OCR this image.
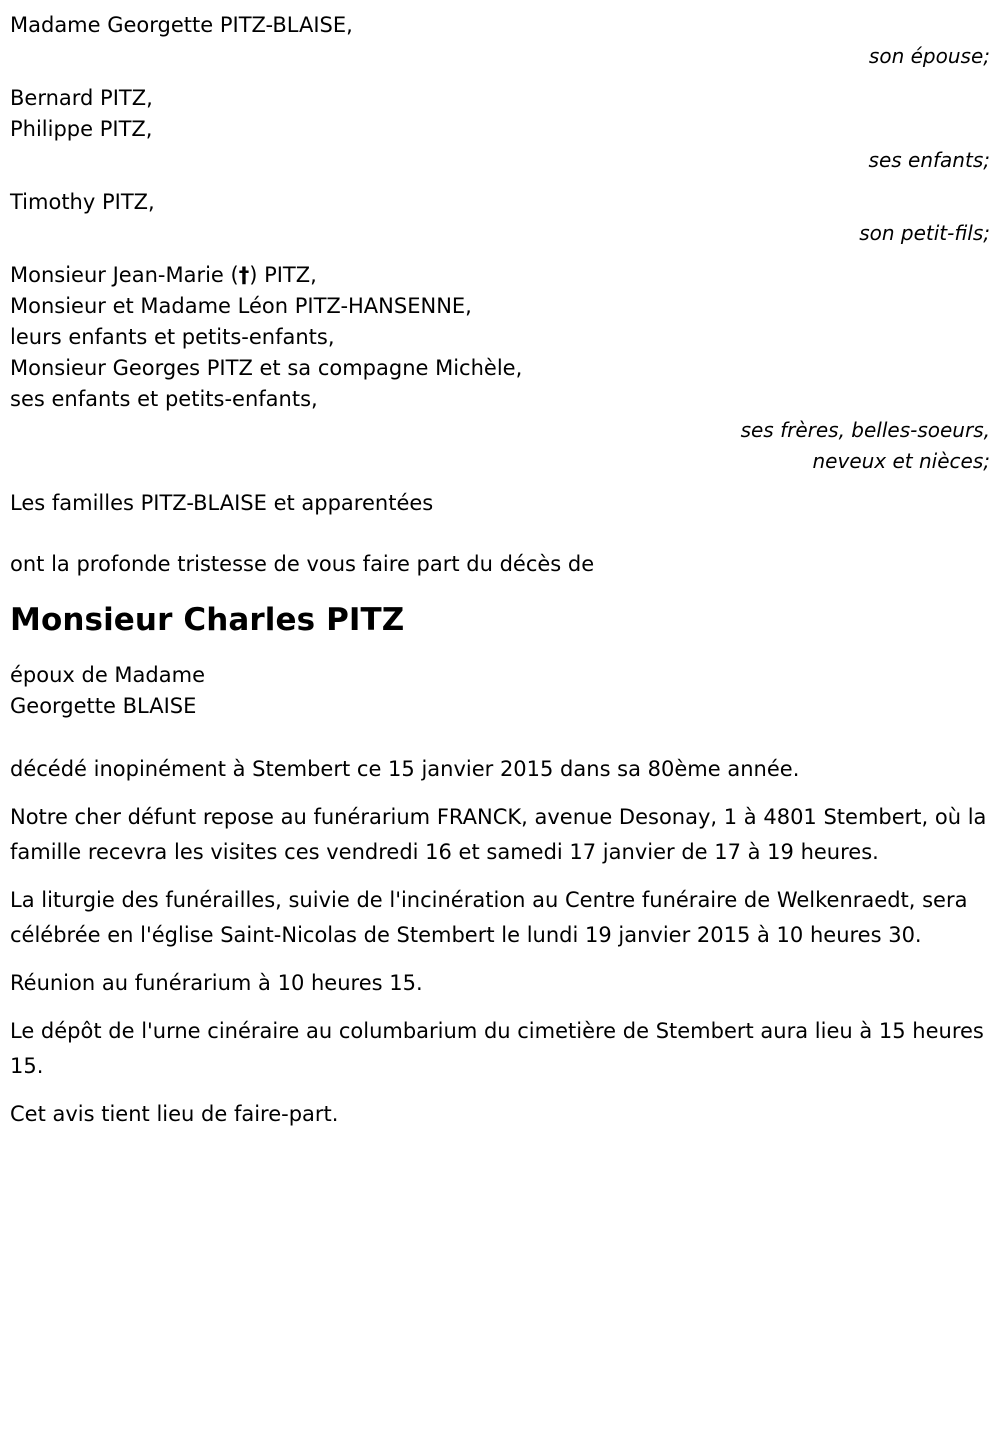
Madame Georgette PITZ-BLAISE,
son épouse;
Bernard PITZ,
Philippe PITZ,
ses enfants;
Timothy PITZ,
son petit-fils;
Monsieur Jean-Marie (†) PITZ,
Monsieur et Madame Léon PITZ-HANSENNE,
leurs enfants et petits-enfants,
Monsieur Georges PITZ et sa compagne Michèle,
ses enfants et petits-enfants,
ses frères, belles-soeurs, neveux et nièces;
Les familles PITZ-BLAISE et apparentées
ont la profonde tristesse de vous faire part du décès de
Monsieur Charles PITZ
époux de Madame
Georgette BLAISE

décédé inopinément à Stembert ce 15 janvier 2015 dans sa 80ème année.

Notre cher défunt repose au funérarium FRANCK, avenue Desonay, 1 à 4801 Stembert, où la famille recevra les visites ces vendredi 16 et samedi 17 janvier de 17 à 19 heures.

La liturgie des funérailles, suivie de l'incinération au Centre funéraire de Welkenraedt, sera célébrée en l'église Saint-Nicolas de Stembert le lundi 19 janvier 2015 à 10 heures 30.

Réunion au funérarium à 10 heures 15.

Le dépôt de l'urne cinéraire au columbarium du cimetière de Stembert aura lieu à 15 heures 15.

Cet avis tient lieu de faire-part.
